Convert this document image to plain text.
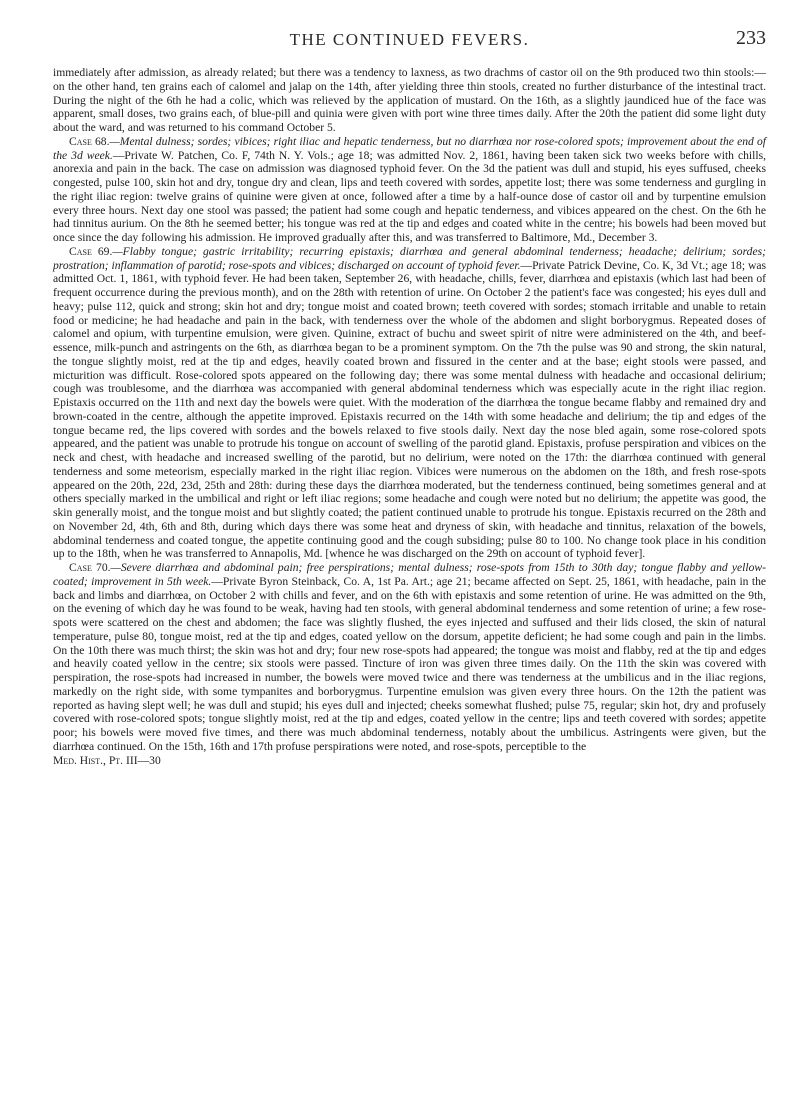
THE CONTINUED FEVERS.	233

immediately after admission, as already related; but there was a tendency to laxness, as two drachms of castor oil on the 9th produced two thin stools:—on the other hand, ten grains each of calomel and jalap on the 14th, after yielding three thin stools, created no further disturbance of the intestinal tract. During the night of the 6th he had a colic, which was relieved by the application of mustard. On the 16th, as a slightly jaundiced hue of the face was apparent, small doses, two grains each, of blue-pill and quinia were given with port wine three times daily. After the 20th the patient did some light duty about the ward, and was returned to his command October 5.

Case 68.—Mental dulness; sordes; vibices; right iliac and hepatic tenderness, but no diarrhœa nor rose-colored spots; improvement about the end of the 3d week.—Private W. Patchen, Co. F, 74th N. Y. Vols.; age 18; was admitted Nov. 2, 1861, having been taken sick two weeks before with chills, anorexia and pain in the back. The case on admission was diagnosed typhoid fever. On the 3d the patient was dull and stupid, his eyes suffused, cheeks congested, pulse 100, skin hot and dry, tongue dry and clean, lips and teeth covered with sordes, appetite lost; there was some tenderness and gurgling in the right iliac region: twelve grains of quinine were given at once, followed after a time by a half-ounce dose of castor oil and by turpentine emulsion every three hours. Next day one stool was passed; the patient had some cough and hepatic tenderness, and vibices appeared on the chest. On the 6th he had tinnitus aurium. On the 8th he seemed better; his tongue was red at the tip and edges and coated white in the centre; his bowels had been moved but once since the day following his admission. He improved gradually after this, and was transferred to Baltimore, Md., December 3.

Case 69.—Flabby tongue; gastric irritability; recurring epistaxis; diarrhœa and general abdominal tenderness; headache; delirium; sordes; prostration; inflammation of parotid; rose-spots and vibices; discharged on account of typhoid fever.—Private Patrick Devine, Co. K, 3d Vt.; age 18; was admitted Oct. 1, 1861, with typhoid fever. He had been taken, September 26, with headache, chills, fever, diarrhœa and epistaxis (which last had been of frequent occurrence during the previous month), and on the 28th with retention of urine. On October 2 the patient's face was congested; his eyes dull and heavy; pulse 112, quick and strong; skin hot and dry; tongue moist and coated brown; teeth covered with sordes; stomach irritable and unable to retain food or medicine; he had headache and pain in the back, with tenderness over the whole of the abdomen and slight borborygmus. Repeated doses of calomel and opium, with turpentine emulsion, were given. Quinine, extract of buchu and sweet spirit of nitre were administered on the 4th, and beef-essence, milk-punch and astringents on the 6th, as diarrhœa began to be a prominent symptom. On the 7th the pulse was 90 and strong, the skin natural, the tongue slightly moist, red at the tip and edges, heavily coated brown and fissured in the center and at the base; eight stools were passed, and micturition was difficult. Rose-colored spots appeared on the following day; there was some mental dulness with headache and occasional delirium; cough was troublesome, and the diarrhœa was accompanied with general abdominal tenderness which was especially acute in the right iliac region. Epistaxis occurred on the 11th and next day the bowels were quiet. With the moderation of the diarrhœa the tongue became flabby and remained dry and brown-coated in the centre, although the appetite improved. Epistaxis recurred on the 14th with some headache and delirium; the tip and edges of the tongue became red, the lips covered with sordes and the bowels relaxed to five stools daily. Next day the nose bled again, some rose-colored spots appeared, and the patient was unable to protrude his tongue on account of swelling of the parotid gland. Epistaxis, profuse perspiration and vibices on the neck and chest, with headache and increased swelling of the parotid, but no delirium, were noted on the 17th: the diarrhœa continued with general tenderness and some meteorism, especially marked in the right iliac region. Vibices were numerous on the abdomen on the 18th, and fresh rose-spots appeared on the 20th, 22d, 23d, 25th and 28th: during these days the diarrhœa moderated, but the tenderness continued, being sometimes general and at others specially marked in the umbilical and right or left iliac regions; some headache and cough were noted but no delirium; the appetite was good, the skin generally moist, and the tongue moist and but slightly coated; the patient continued unable to protrude his tongue. Epistaxis recurred on the 28th and on November 2d, 4th, 6th and 8th, during which days there was some heat and dryness of skin, with headache and tinnitus, relaxation of the bowels, abdominal tenderness and coated tongue, the appetite continuing good and the cough subsiding; pulse 80 to 100. No change took place in his condition up to the 18th, when he was transferred to Annapolis, Md. [whence he was discharged on the 29th on account of typhoid fever].

Case 70.—Severe diarrhœa and abdominal pain; free perspirations; mental dulness; rose-spots from 15th to 30th day; tongue flabby and yellow-coated; improvement in 5th week.—Private Byron Steinback, Co. A, 1st Pa. Art.; age 21; became affected on Sept. 25, 1861, with headache, pain in the back and limbs and diarrhœa, on October 2 with chills and fever, and on the 6th with epistaxis and some retention of urine. He was admitted on the 9th, on the evening of which day he was found to be weak, having had ten stools, with general abdominal tenderness and some retention of urine; a few rose-spots were scattered on the chest and abdomen; the face was slightly flushed, the eyes injected and suffused and their lids closed, the skin of natural temperature, pulse 80, tongue moist, red at the tip and edges, coated yellow on the dorsum, appetite deficient; he had some cough and pain in the limbs. On the 10th there was much thirst; the skin was hot and dry; four new rose-spots had appeared; the tongue was moist and flabby, red at the tip and edges and heavily coated yellow in the centre; six stools were passed. Tincture of iron was given three times daily. On the 11th the skin was covered with perspiration, the rose-spots had increased in number, the bowels were moved twice and there was tenderness at the umbilicus and in the iliac regions, markedly on the right side, with some tympanites and borborygmus. Turpentine emulsion was given every three hours. On the 12th the patient was reported as having slept well; he was dull and stupid; his eyes dull and injected; cheeks somewhat flushed; pulse 75, regular; skin hot, dry and profusely covered with rose-colored spots; tongue slightly moist, red at the tip and edges, coated yellow in the centre; lips and teeth covered with sordes; appetite poor; his bowels were moved five times, and there was much abdominal tenderness, notably about the umbilicus. Astringents were given, but the diarrhœa continued. On the 15th, 16th and 17th profuse perspirations were noted, and rose-spots, perceptible to the

Med. Hist., Pt. III—30
